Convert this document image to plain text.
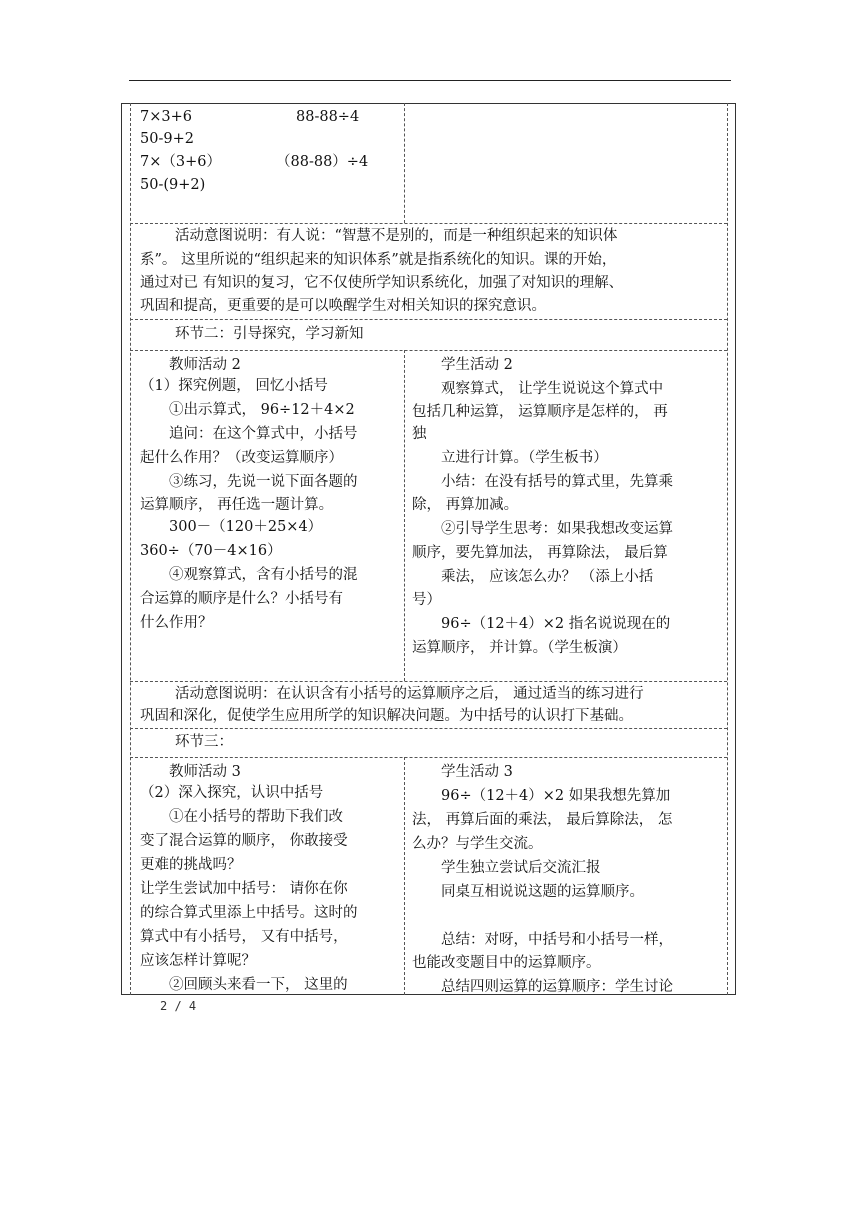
7×3+6	88-88÷4
50-9+2
7×（3+6）	（88-88）÷4
50-(9+2)
活动意图说明：有人说：“智慧不是别的，而是一种组织起来的知识体
系”。 这里所说的“组织起来的知识体系”就是指系统化的知识。课的开始，
通过对已 有知识的复习，它不仅使所学知识系统化，加强了对知识的理解、
巩固和提高，更重要的是可以唤醒学生对相关知识的探究意识。
环节二：引导探究，学习新知
教师活动 2
（1）探究例题， 回忆小括号
①出示算式， 96÷12＋4×2
追问：在这个算式中，小括号
起什么作用？（改变运算顺序）
③练习，先说一说下面各题的
运算顺序， 再任选一题计算。
300－（120＋25×4）
360÷（70－4×16）
④观察算式，含有小括号的混
合运算的顺序是什么？小括号有
什么作用？
学生活动 2
观察算式， 让学生说说这个算式中
包括几种运算， 运算顺序是怎样的， 再
独
立进行计算。（学生板书）
小结：在没有括号的算式里，先算乘
除， 再算加减。
②引导学生思考：如果我想改变运算
顺序，要先算加法， 再算除法， 最后算
乘法， 应该怎么办？ （添上小括
号）
96÷（12＋4）×2 指名说说现在的
运算顺序， 并计算。（学生板演）
活动意图说明：在认识含有小括号的运算顺序之后， 通过适当的练习进行
巩固和深化，促使学生应用所学的知识解决问题。为中括号的认识打下基础。
环节三：
教师活动 3
（2）深入探究，认识中括号
①在小括号的帮助下我们改
变了混合运算的顺序， 你敢接受
更难的挑战吗？
让学生尝试加中括号： 请你在你
的综合算式里添上中括号。这时的
算式中有小括号， 又有中括号，
应该怎样计算呢？
②回顾头来看一下， 这里的
学生活动 3
96÷（12＋4）×2 如果我想先算加
法， 再算后面的乘法， 最后算除法， 怎
么办？与学生交流。
学生独立尝试后交流汇报
同桌互相说说这题的运算顺序。
总结：对呀，中括号和小括号一样，
也能改变题目中的运算顺序。
总结四则运算的运算顺序：学生讨论
2 / 4
